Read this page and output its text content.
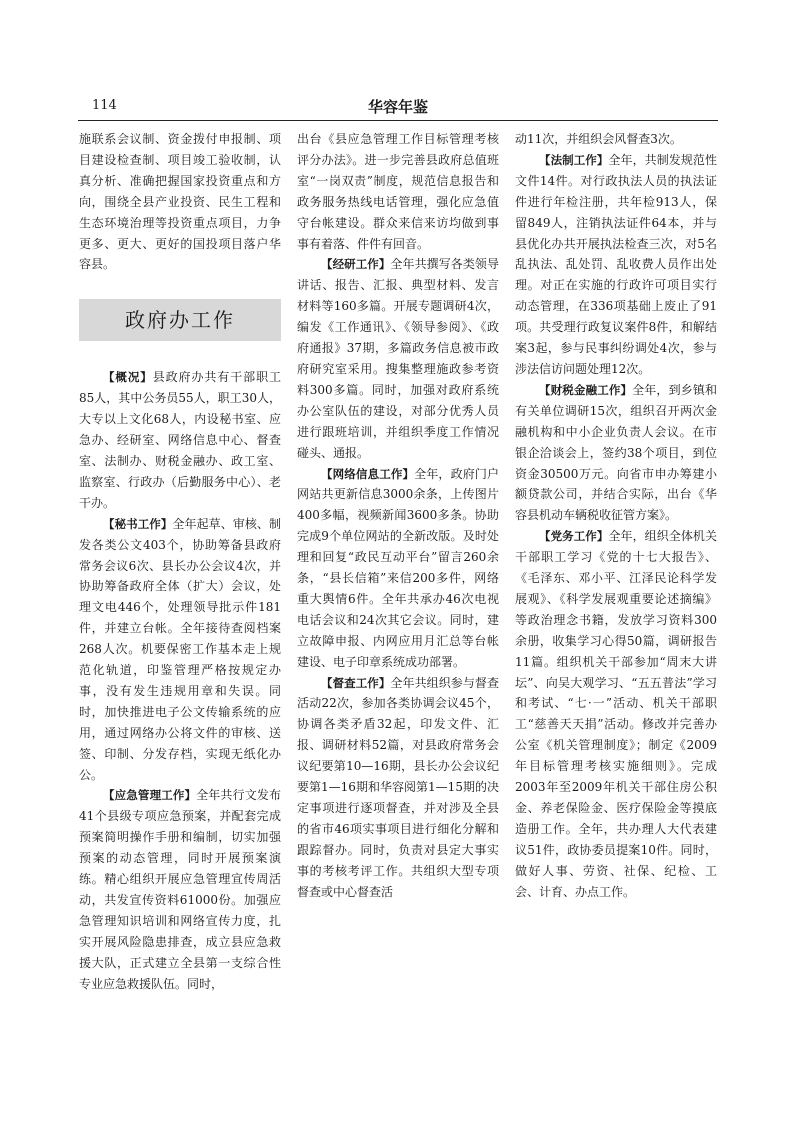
114	华容年鉴

施联系会议制、资金拨付申报制、项目建设检查制、项目竣工验收制，认真分析、准确把握国家投资重点和方向，围绕全县产业投资、民生工程和生态环境治理等投资重点项目，力争更多、更大、更好的国投项目落户华容县。

政府办工作

【概况】县政府办共有干部职工85人，其中公务员55人，职工30人，大专以上文化68人，内设秘书室、应急办、经研室、网络信息中心、督查室、法制办、财税金融办、政工室、监察室、行政办（后勤服务中心）、老干办。

【秘书工作】全年起草、审核、制发各类公文403个，协助筹备县政府常务会议6次、县长办公会议4次，并协助筹备政府全体（扩大）会议，处理文电446个，处理领导批示件181件，并建立台帐。全年接待查阅档案268人次。机要保密工作基本走上规范化轨道，印鉴管理严格按规定办事，没有发生违规用章和失误。同时，加快推进电子公文传输系统的应用，通过网络办公将文件的审核、送签、印制、分发存档，实现无纸化办公。

【应急管理工作】全年共行文发布41个县级专项应急预案，并配套完成预案简明操作手册和编制，切实加强预案的动态管理，同时开展预案演练。精心组织开展应急管理宣传周活动，共发宣传资料61000份。加强应急管理知识培训和网络宣传力度，扎实开展风险隐患排查，成立县应急救援大队，正式建立全县第一支综合性专业应急救援队伍。同时，

出台《县应急管理工作目标管理考核评分办法》。进一步完善县政府总值班室“一岗双责”制度，规范信息报告和政务服务热线电话管理，强化应急值守台帐建设。群众来信来访均做到事事有着落、件件有回音。

【经研工作】全年共撰写各类领导讲话、报告、汇报、典型材料、发言材料等160多篇。开展专题调研4次，编发《工作通讯》、《领导参阅》、《政府通报》37期，多篇政务信息被市政府研究室采用。搜集整理施政参考资料300多篇。同时，加强对政府系统办公室队伍的建设，对部分优秀人员进行跟班培训，并组织季度工作情况碰头、通报。

【网络信息工作】全年，政府门户网站共更新信息3000余条，上传图片400多幅，视频新闻3600多条。协助完成9个单位网站的全新改版。及时处理和回复“政民互动平台”留言260余条，“县长信箱”来信200多件，网络重大舆情6件。全年共承办46次电视电话会议和24次其它会议。同时，建立故障申报、内网应用月汇总等台帐建设、电子印章系统成功部署。

【督查工作】全年共组织参与督查活动22次，参加各类协调会议45个，协调各类矛盾32起，印发文件、汇报、调研材料52篇，对县政府常务会议纪要第10—16期，县长办公会议纪要第1—16期和华容阅第1—15期的决定事项进行逐项督查，并对涉及全县的省市46项实事项目进行细化分解和跟踪督办。同时，负责对县定大事实事的考核考评工作。共组织大型专项督查或中心督查活

动11次，并组织会风督查3次。

【法制工作】全年，共制发规范性文件14件。对行政执法人员的执法证件进行年检注册，共年检913人，保留849人，注销执法证件64本，并与县优化办共开展执法检查三次，对5名乱执法、乱处罚、乱收费人员作出处理。对正在实施的行政许可项目实行动态管理，在336项基础上废止了91项。共受理行政复议案件8件，和解结案3起，参与民事纠纷调处4次，参与涉法信访问题处理12次。

【财税金融工作】全年，到乡镇和有关单位调研15次，组织召开两次金融机构和中小企业负责人会议。在市银企洽谈会上，签约38个项目，到位资金30500万元。向省市申办筹建小额贷款公司，并结合实际，出台《华容县机动车辆税收征管方案》。

【党务工作】全年，组织全体机关干部职工学习《党的十七大报告》、《毛泽东、邓小平、江泽民论科学发展观》、《科学发展观重要论述摘编》等政治理念书籍，发放学习资料300余册，收集学习心得50篇，调研报告11篇。组织机关干部参加“周末大讲坛”、向吴大观学习、“五五普法”学习和考试、“七·一”活动、机关干部职工“慈善天天捐”活动。修改并完善办公室《机关管理制度》；制定《2009年目标管理考核实施细则》。完成2003年至2009年机关干部住房公积金、养老保险金、医疗保险金等摸底造册工作。全年，共办理人大代表建议51件，政协委员提案10件。同时，做好人事、劳资、社保、纪检、工会、计育、办点工作。
